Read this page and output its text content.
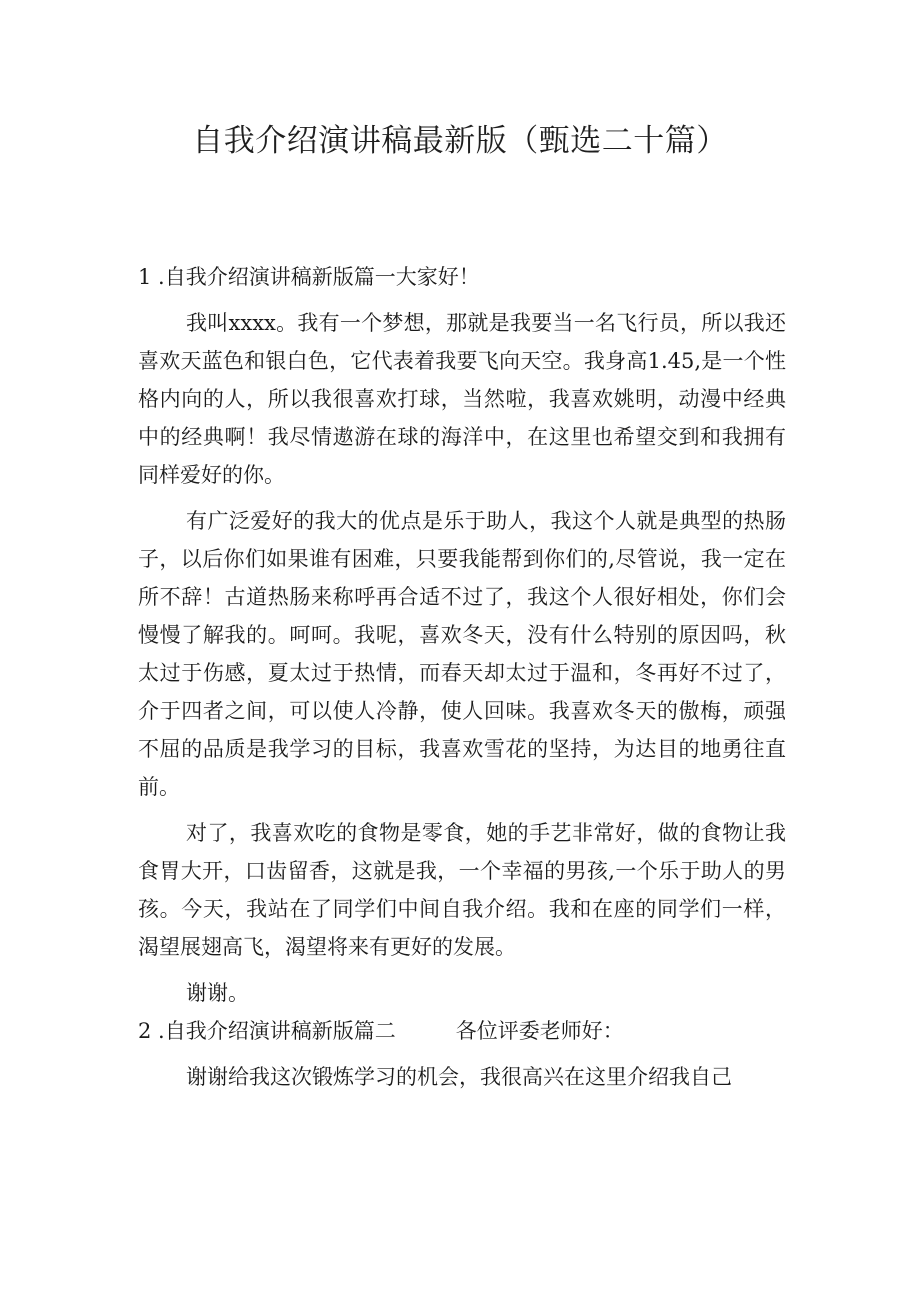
自我介绍演讲稿最新版（甄选二十篇）

1 .自我介绍演讲稿新版篇一大家好！

我叫xxxx。我有一个梦想，那就是我要当一名飞行员，所以我还喜欢天蓝色和银白色，它代表着我要飞向天空。我身高1.45,是一个性格内向的人，所以我很喜欢打球，当然啦，我喜欢姚明，动漫中经典中的经典啊！我尽情遨游在球的海洋中，在这里也希望交到和我拥有同样爱好的你。

有广泛爱好的我大的优点是乐于助人，我这个人就是典型的热肠子，以后你们如果谁有困难，只要我能帮到你们的,尽管说，我一定在所不辞！古道热肠来称呼再合适不过了，我这个人很好相处，你们会慢慢了解我的。呵呵。我呢，喜欢冬天，没有什么特别的原因吗，秋太过于伤感，夏太过于热情，而春天却太过于温和，冬再好不过了，介于四者之间，可以使人冷静，使人回味。我喜欢冬天的傲梅，顽强不屈的品质是我学习的目标，我喜欢雪花的坚持，为达目的地勇往直前。

对了，我喜欢吃的食物是零食，她的手艺非常好，做的食物让我食胃大开，口齿留香，这就是我，一个幸福的男孩,一个乐于助人的男孩。今天，我站在了同学们中间自我介绍。我和在座的同学们一样，渴望展翅高飞，渴望将来有更好的发展。

谢谢。

2 .自我介绍演讲稿新版篇二	各位评委老师好：

谢谢给我这次锻炼学习的机会，我很高兴在这里介绍我自己
